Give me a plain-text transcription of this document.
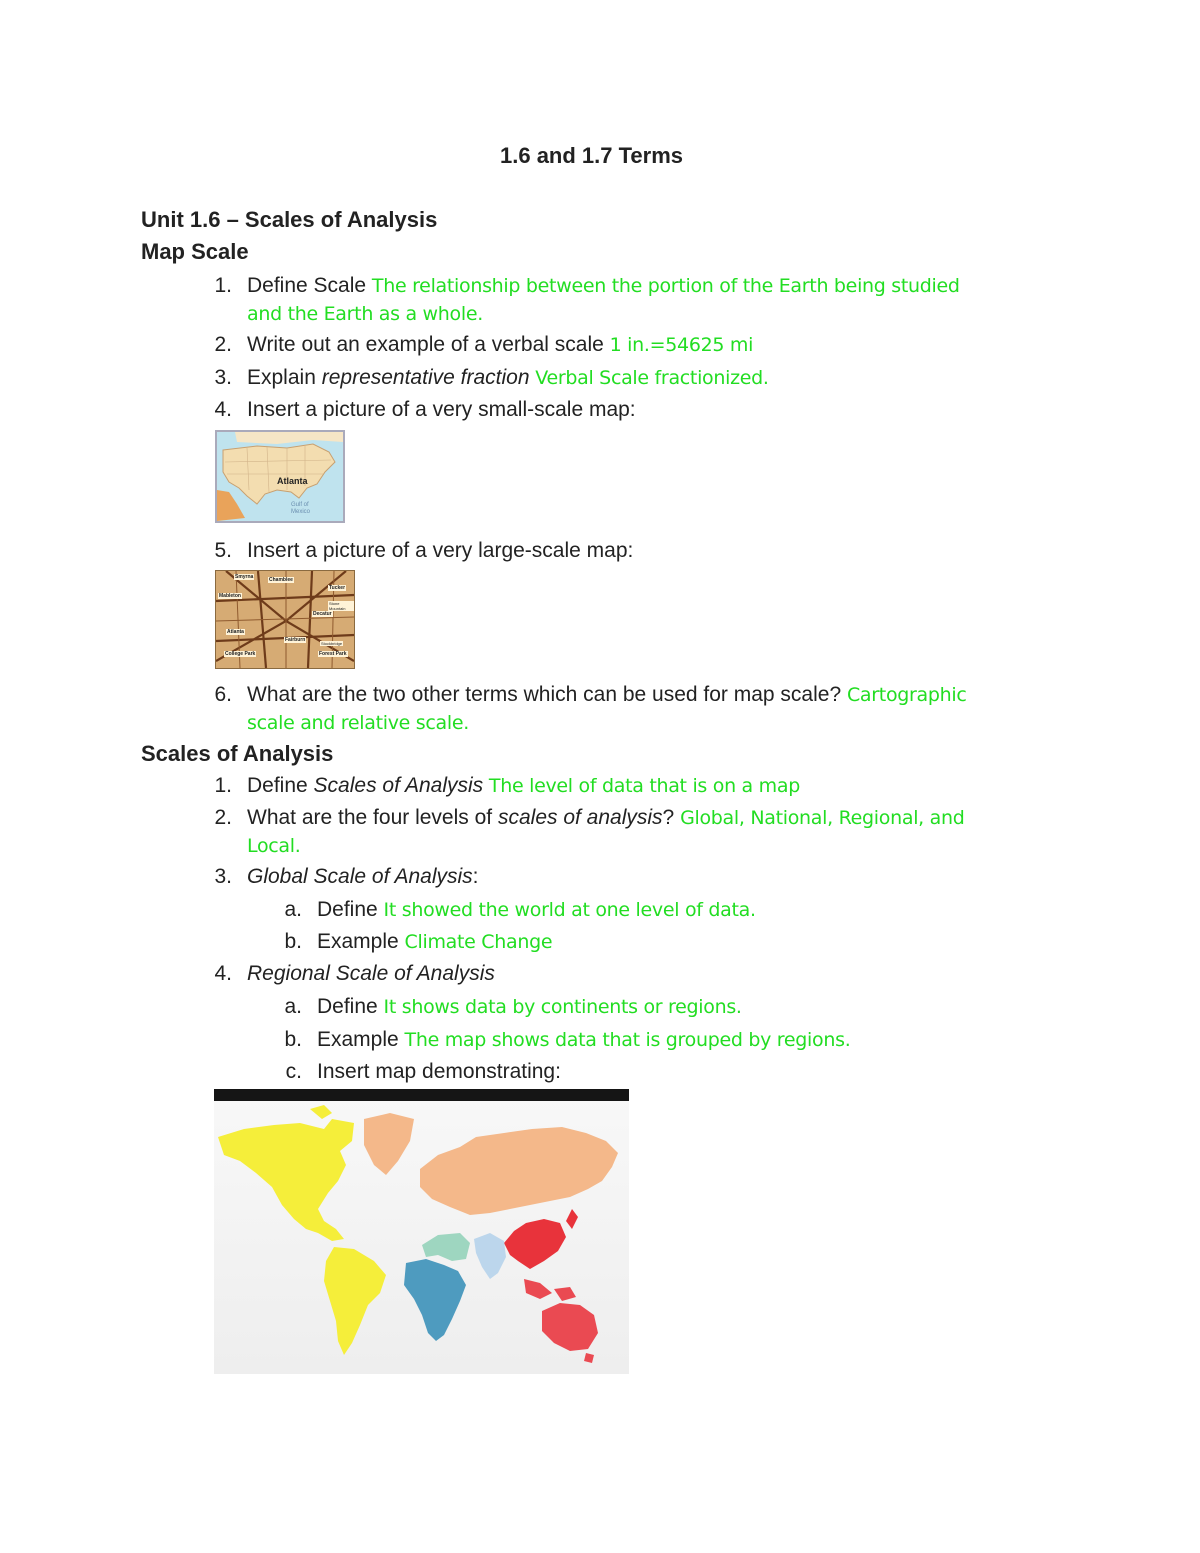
1.6 and 1.7 Terms
Unit 1.6 – Scales of Analysis
Map Scale
1. Define Scale The relationship between the portion of the Earth being studied
and the Earth as a whole.
2. Write out an example of a verbal scale 1 in.=54625 mi
3. Explain representative fraction Verbal Scale fractionized.
4. Insert a picture of a very small-scale map:
Atlanta
Gulf of
Mexico
5. Insert a picture of a very large-scale map:
Smyrna	Chamblee
Tucker
Mableton
Decatur
Stone Mountain
Atlanta
Forest Park
College Park
Fairburn
Stockbridge
6. What are the two other terms which can be used for map scale? Cartographic
scale and relative scale.
Scales of Analysis
1. Define Scales of Analysis The level of data that is on a map
2. What are the four levels of scales of analysis? Global, National, Regional, and
Local.
3. Global Scale of Analysis:
a. Define It showed the world at one level of data.
b. Example Climate Change
4. Regional Scale of Analysis
a. Define It shows data by continents or regions.
b. Example The map shows data that is grouped by regions.
c. Insert map demonstrating:
